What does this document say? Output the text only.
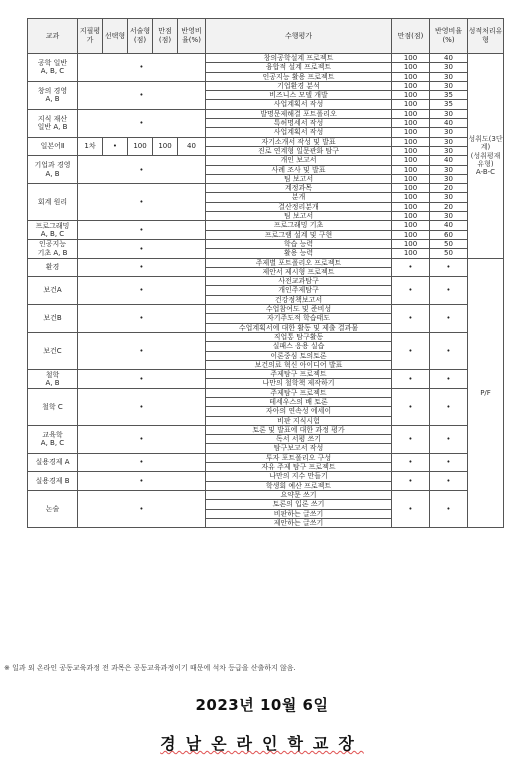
교과	지필평가	선택형	서술형(점)	만점(점)	반영비율(%)	수행평가	만점(점)	반영비율(%)	성적처리유형
공학 일반
A, B, C	•					창의공학설계 프로젝트	100	40	성취도(3단계)
(성취평재유형)
A-B-C
						융합적 설계 프로젝트	100	30	
						인공지능 활용 프로젝트	100	30	
창의 경영
A, B	•					기업환경 분석	100	30	
						비즈니스 모델 개발	100	35	
						사업계획서 작성	100	35	
지식 재산
일반 A, B	•					발명문제해결 포트폴리오	100	30	
						특허명세서 작성	100	40	
						사업계획서 작성	100	30	
일본어Ⅱ	1차	•	100	100	40	자기소개서 작성 및 발표	100	30	
						진로 연계형 일문관화 탐구	100	30	
기업과 경영
A, B	•					개인 보고서	100	40	
						사례 조사 및 발표	100	30	
						팀 보고서	100	30	
회계 원리	•					계정과목	100	20	
						분개	100	30	
						결산정리분개	100	20	
						팀 보고서	100	30	
프로그래밍
A, B, C	•					프로그래밍 기초	100	40	
						프로그램 설계 및 구현	100	60	
인공지능
기초 A, B	•					학습 능력	100	50	
						활용 능력	100	50	
환경	•					주제별 포트폴리오 프로젝트	•	•	P/F
						제안서 제시형 프로젝트			
보건A	•					사전교과탐구	•	•	
						개인주제탐구			
						건강정책보고서			
보건B	•					수업참여도 및 준비성	•	•	
						자기주도적 학습태도			
						수업계획서에 대한 활동 및 제출 결과물			
보건C	•					직업통 탐구활동	•	•	
						실패스 응용 실습			
						이론중심 토의토론			
						보건의료 혁신 아이디어 발표			
철학
A, B	•					주제탐구 프로젝트	•	•	
						나만의 철학책 제작하기			
철학 C	•					주제탐구 프로젝트	•	•	
						테세우스의 배 토론			
						자아의 연속성 에세이			
						비판 지식시험			
교육학
A, B, C	•					토론 및 발표에 대한 과정 평가	•	•	
						독서 서평 쓰기			
						탐구보고서 작성			
실용경제 A	•					투자 포트폴리오 구성	•	•	
						자유 주제 탐구 프로젝트			
실용경제 B	•					나만의 지수 만들기	•	•	
						학생회 예산 프로젝트			
논술	•					요약문 쓰기	•	•	
						토론의 입론 쓰기			
						비판하는 글쓰기			
						제안하는 글쓰기			
※ 일과 외 온라인 공동교육과정 전 과목은 공동교육과정이기 때문에 석차 등급을 산출하지 않음.
2023년 10월 6일
경남온라인학교장
